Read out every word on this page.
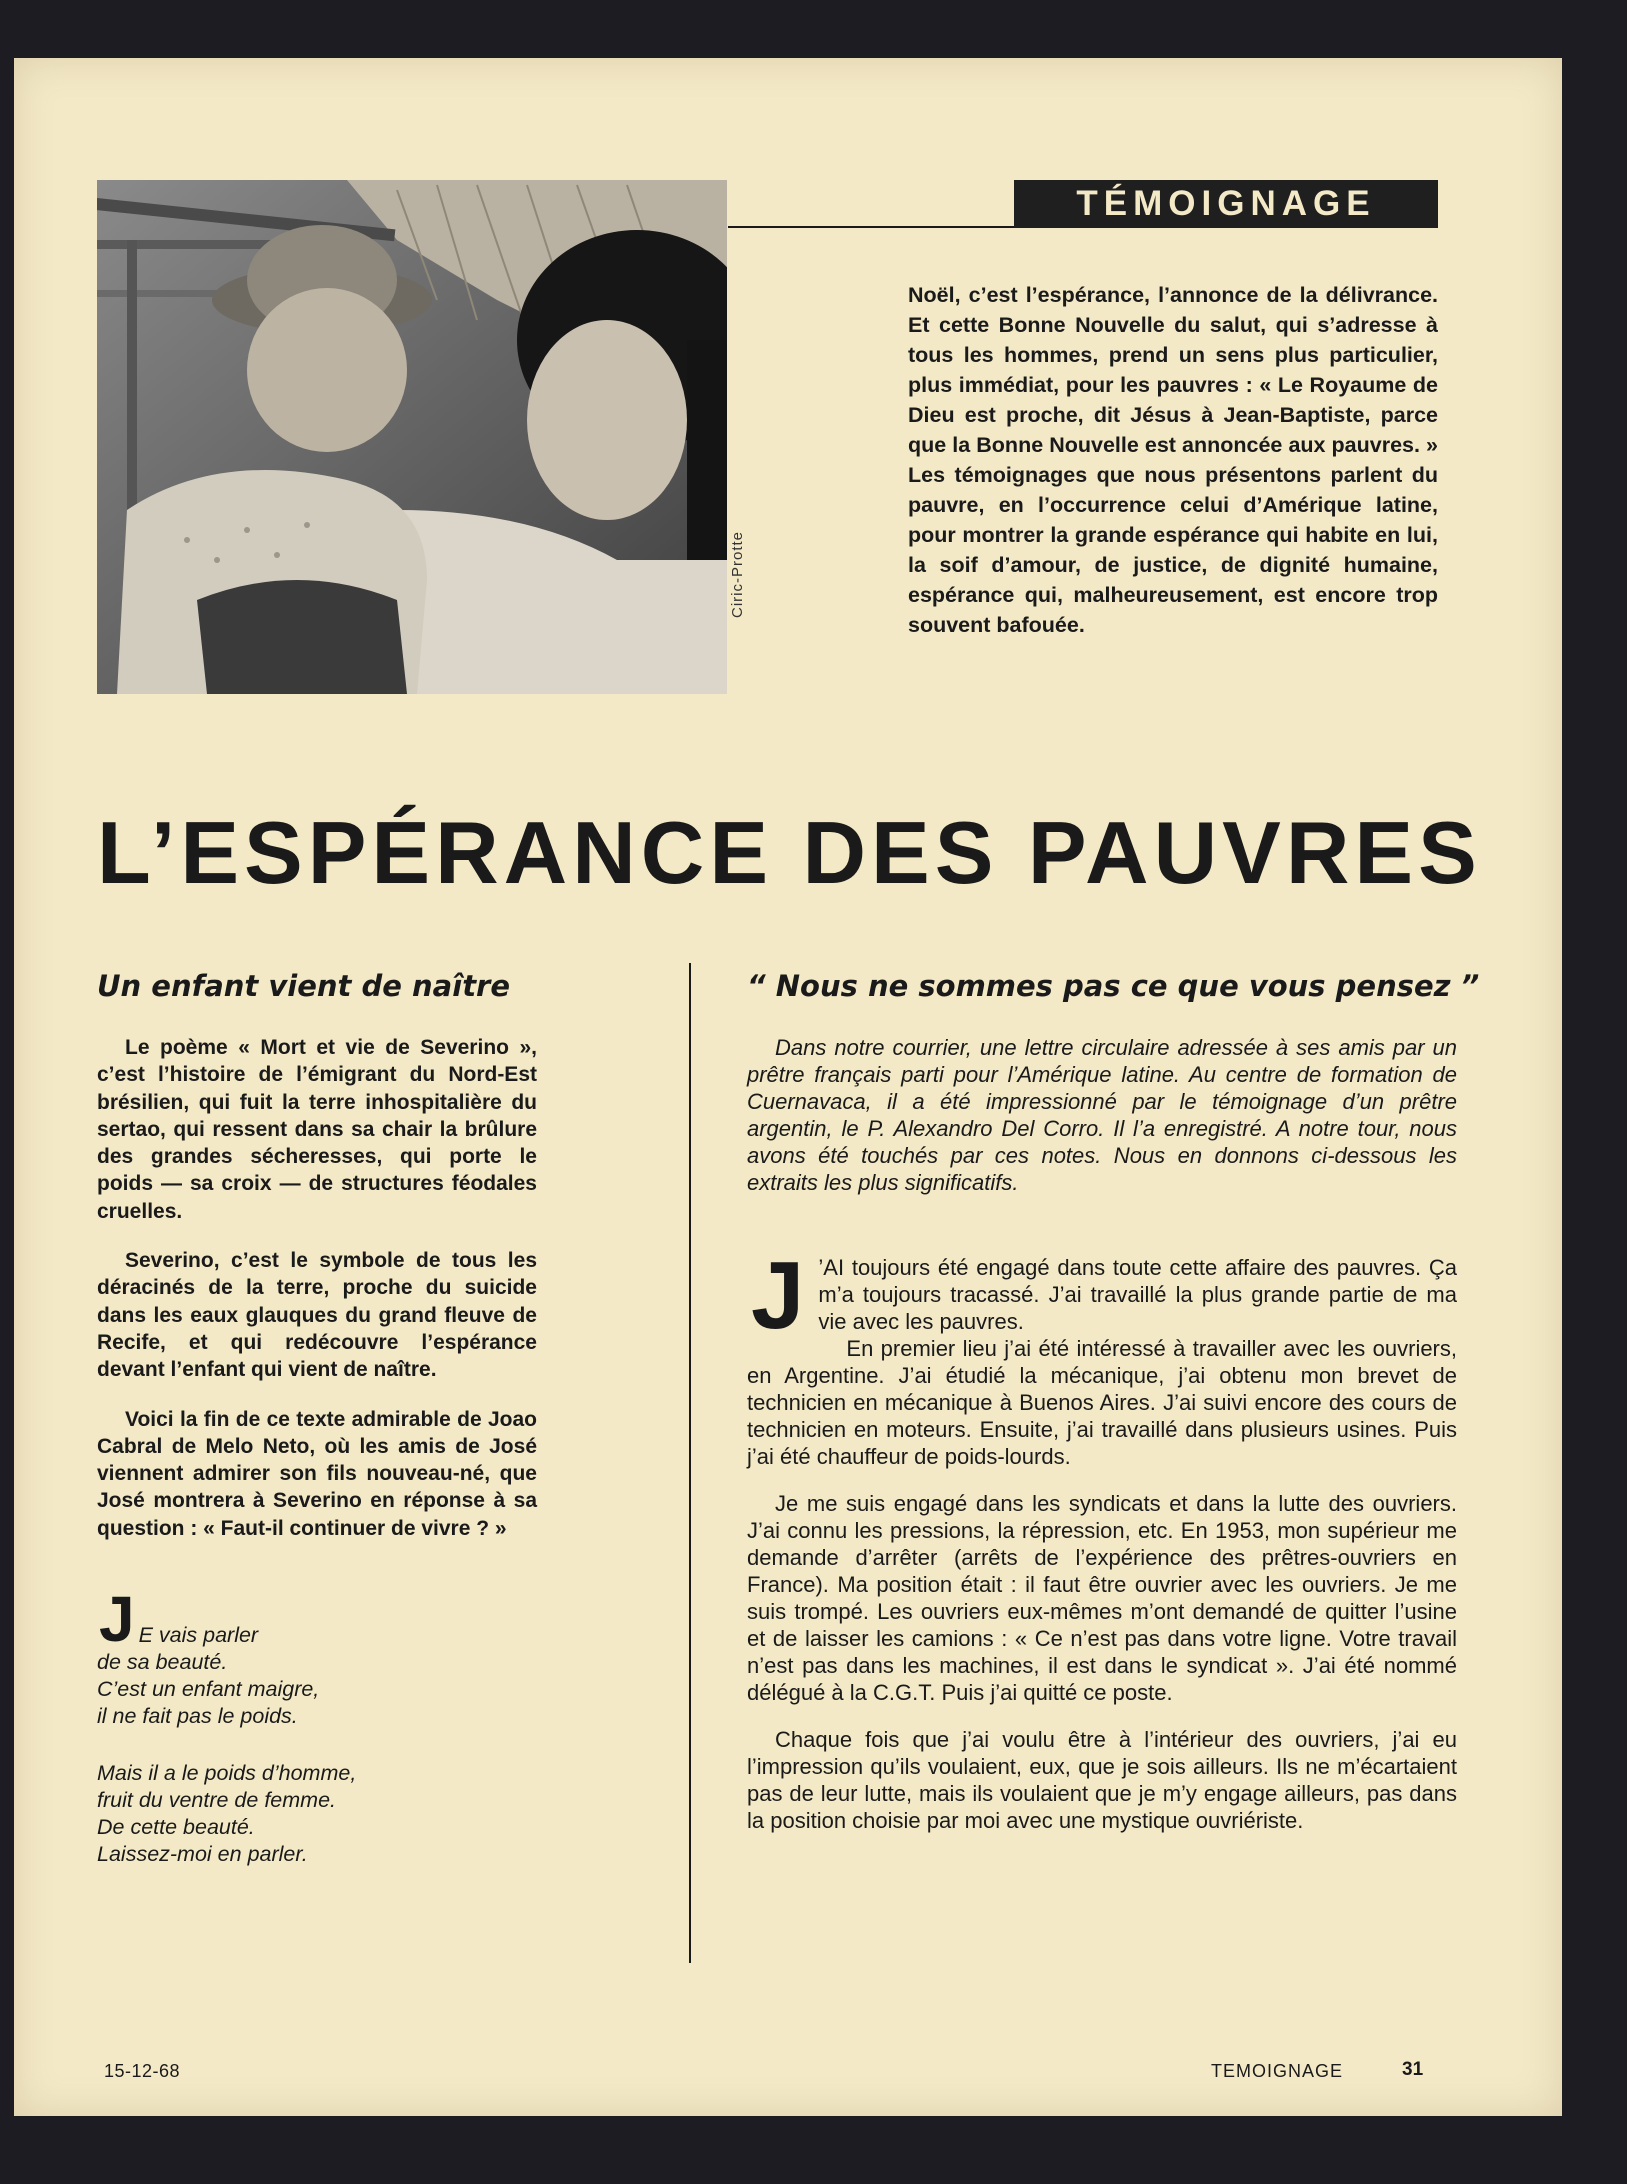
Ciric-Protte
TÉMOIGNAGE
Noël, c’est l’espérance, l’annonce de la délivrance. Et cette Bonne Nouvelle du salut, qui s’adresse à tous les hommes, prend un sens plus particulier, plus immédiat, pour les pauvres : « Le Royaume de Dieu est proche, dit Jésus à Jean-Baptiste, parce que la Bonne Nouvelle est annoncée aux pauvres. » Les témoignages que nous présentons parlent du pauvre, en l’occurrence celui d’Amérique latine, pour montrer la grande espérance qui habite en lui, la soif d’amour, de justice, de dignité humaine, espérance qui, malheureusement, est encore trop souvent bafouée.
L’ESPÉRANCE DES PAUVRES
Un enfant vient de naître

Le poème « Mort et vie de Severino », c’est l’histoire de l’émigrant du Nord-Est brésilien, qui fuit la terre inhospitalière du sertao, qui ressent dans sa chair la brûlure des grandes sécheresses, qui porte le poids — sa croix — de structures féodales cruelles.

Severino, c’est le symbole de tous les déracinés de la terre, proche du suicide dans les eaux glauques du grand fleuve de Recife, et qui redécouvre l’espérance devant l’enfant qui vient de naître.

Voici la fin de ce texte admirable de Joao Cabral de Melo Neto, où les amis de José viennent admirer son fils nouveau-né, que José montrera à Severino en réponse à sa question : « Faut-il continuer de vivre ? »

J E vais parler
de sa beauté.
C’est un enfant maigre,
il ne fait pas le poids.
Mais il a le poids d’homme,
fruit du ventre de femme.
De cette beauté.
Laissez-moi en parler.
“ Nous ne sommes pas ce que vous pensez ”

Dans notre courrier, une lettre circulaire adressée à ses amis par un prêtre français parti pour l’Amérique latine. Au centre de formation de Cuernavaca, il a été impressionné par le témoignage d’un prêtre argentin, le P. Alexandro Del Corro. Il l’a enregistré. A notre tour, nous avons été touchés par ces notes. Nous en donnons ci-dessous les extraits les plus significatifs.

J ’AI toujours été engagé dans toute cette affaire des pauvres. Ça m’a toujours tracassé. J’ai travaillé la plus grande partie de ma vie avec les pauvres.

En premier lieu j’ai été intéressé à travailler avec les ouvriers, en Argentine. J’ai étudié la mécanique, j’ai obtenu mon brevet de technicien en mécanique à Buenos Aires. J’ai suivi encore des cours de technicien en moteurs. Ensuite, j’ai travaillé dans plusieurs usines. Puis j’ai été chauffeur de poids-lourds.

Je me suis engagé dans les syndicats et dans la lutte des ouvriers. J’ai connu les pressions, la répression, etc. En 1953, mon supérieur me demande d’arrêter (arrêts de l’expérience des prêtres-ouvriers en France). Ma position était : il faut être ouvrier avec les ouvriers. Je me suis trompé. Les ouvriers eux-mêmes m’ont demandé de quitter l’usine et de laisser les camions : « Ce n’est pas dans votre ligne. Votre travail n’est pas dans les machines, il est dans le syndicat ». J’ai été nommé délégué à la C.G.T. Puis j’ai quitté ce poste.

Chaque fois que j’ai voulu être à l’intérieur des ouvriers, j’ai eu l’impression qu’ils voulaient, eux, que je sois ailleurs. Ils ne m’écartaient pas de leur lutte, mais ils voulaient que je m’y engage ailleurs, pas dans la position choisie par moi avec une mystique ouvriériste.

15-12-68	TEMOIGNAGE	31
